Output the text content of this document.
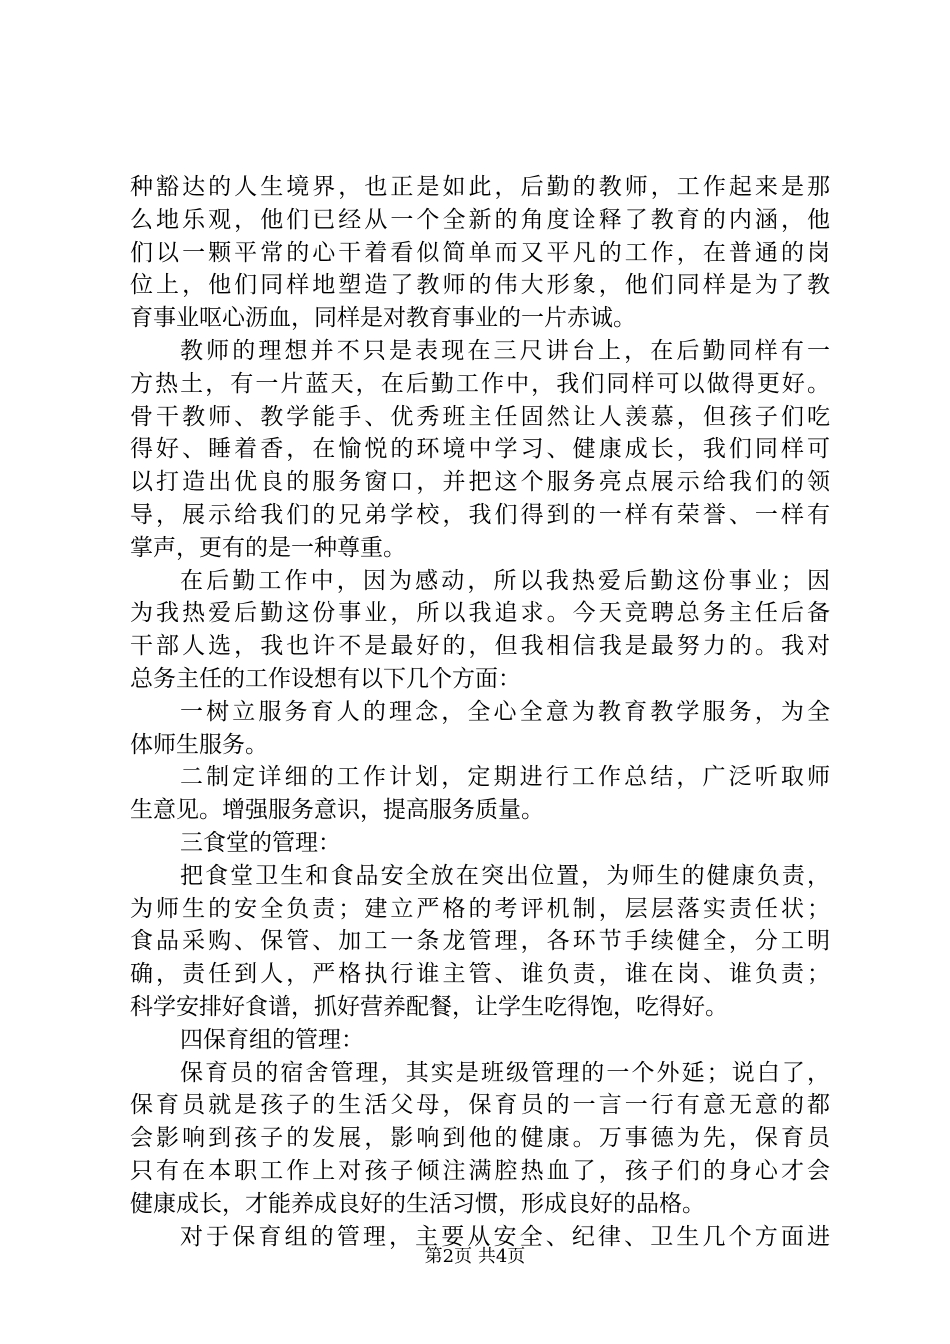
种豁达的人生境界，也正是如此，后勤的教师，工作起来是那
么地乐观，他们已经从一个全新的角度诠释了教育的内涵，他
们以一颗平常的心干着看似简单而又平凡的工作，在普通的岗
位上，他们同样地塑造了教师的伟大形象，他们同样是为了教
育事业呕心沥血，同样是对教育事业的一片赤诚。
教师的理想并不只是表现在三尺讲台上，在后勤同样有一
方热土，有一片蓝天，在后勤工作中，我们同样可以做得更好。
骨干教师、教学能手、优秀班主任固然让人羡慕，但孩子们吃
得好、睡着香，在愉悦的环境中学习、健康成长，我们同样可
以打造出优良的服务窗口，并把这个服务亮点展示给我们的领
导，展示给我们的兄弟学校，我们得到的一样有荣誉、一样有
掌声，更有的是一种尊重。
在后勤工作中，因为感动，所以我热爱后勤这份事业；因
为我热爱后勤这份事业，所以我追求。今天竞聘总务主任后备
干部人选，我也许不是最好的，但我相信我是最努力的。我对
总务主任的工作设想有以下几个方面：
一树立服务育人的理念，全心全意为教育教学服务，为全
体师生服务。
二制定详细的工作计划，定期进行工作总结，广泛听取师
生意见。增强服务意识，提高服务质量。
三食堂的管理：
把食堂卫生和食品安全放在突出位置，为师生的健康负责，
为师生的安全负责；建立严格的考评机制，层层落实责任状；
食品采购、保管、加工一条龙管理，各环节手续健全，分工明
确，责任到人，严格执行谁主管、谁负责，谁在岗、谁负责；
科学安排好食谱，抓好营养配餐，让学生吃得饱，吃得好。
四保育组的管理：
保育员的宿舍管理，其实是班级管理的一个外延；说白了，
保育员就是孩子的生活父母，保育员的一言一行有意无意的都
会影响到孩子的发展，影响到他的健康。万事德为先，保育员
只有在本职工作上对孩子倾注满腔热血了，孩子们的身心才会
健康成长，才能养成良好的生活习惯，形成良好的品格。
对于保育组的管理，主要从安全、纪律、卫生几个方面进
第2页 共4页
